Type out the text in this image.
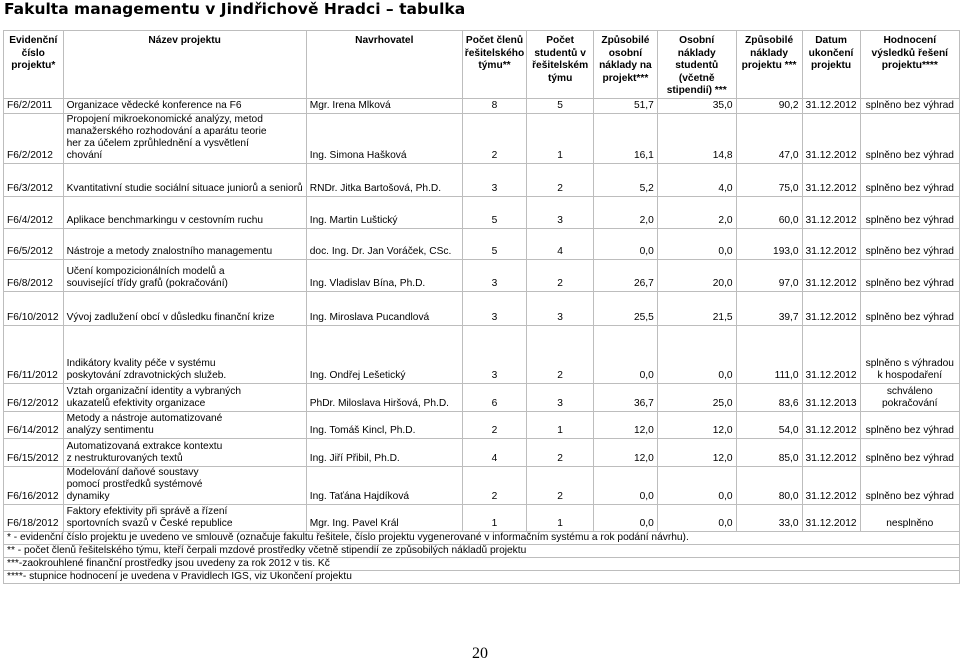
Fakulta managementu v Jindřichově Hradci – tabulka
Evidenční číslo projektu*	Název projektu	Navrhovatel	Počet členů řešitelského týmu**	Počet studentů v řešitelském týmu	Způsobilé osobní náklady na projekt***	Osobní náklady studentů (včetně stipendií) ***	Způsobilé náklady projektu ***	Datum ukončení projektu	Hodnocení výsledků řešení projektu****

F6/2/2011	Organizace vědecké konference na F6	Mgr. Irena Mlková	8	5	51,7	35,0	90,2	31.12.2012	splněno bez výhrad

F6/2/2012	Propojení mikroekonomické analýzy, metod manažerského rozhodování a aparátu teorie her za účelem zprůhlednění a vysvětlení chování	Ing. Simona Hašková	2	1	16,1	14,8	47,0	31.12.2012	splněno bez výhrad

F6/3/2012	Kvantitativní studie sociální situace juniorů a seniorů	RNDr. Jitka Bartošová, Ph.D.	3	2	5,2	4,0	75,0	31.12.2012	splněno bez výhrad

F6/4/2012	Aplikace benchmarkingu v cestovním ruchu	Ing. Martin Luštický	5	3	2,0	2,0	60,0	31.12.2012	splněno bez výhrad

F6/5/2012	Nástroje a metody znalostního managementu	doc. Ing. Dr. Jan Voráček, CSc.	5	4	0,0	0,0	193,0	31.12.2012	splněno bez výhrad

F6/8/2012	Učení kompozicionálních modelů a související třídy grafů (pokračování)	Ing. Vladislav Bína, Ph.D.	3	2	26,7	20,0	97,0	31.12.2012	splněno bez výhrad

F6/10/2012	Vývoj zadlužení obcí v důsledku finanční krize	Ing. Miroslava Pucandlová	3	3	25,5	21,5	39,7	31.12.2012	splněno bez výhrad

F6/11/2012	Indikátory kvality péče v systému poskytování zdravotnických služeb.	Ing. Ondřej Lešetický	3	2	0,0	0,0	111,0	31.12.2012	splněno s výhradou k hospodaření

F6/12/2012	Vztah organizační identity a vybraných ukazatelů efektivity organizace	PhDr. Miloslava Hiršová, Ph.D.	6	3	36,7	25,0	83,6	31.12.2013	schváleno pokračování

F6/14/2012	Metody a nástroje automatizované analýzy sentimentu	Ing. Tomáš Kincl, Ph.D.	2	1	12,0	12,0	54,0	31.12.2012	splněno bez výhrad

F6/15/2012	Automatizovaná extrakce kontextu z nestrukturovaných textů	Ing. Jiří Přibil, Ph.D.	4	2	12,0	12,0	85,0	31.12.2012	splněno bez výhrad

F6/16/2012	Modelování daňové soustavy pomocí prostředků systémové dynamiky	Ing. Taťána Hajdíková	2	2	0,0	0,0	80,0	31.12.2012	splněno bez výhrad

F6/18/2012	Faktory efektivity při správě a řízení sportovních svazů v České republice	Mgr. Ing. Pavel Král	1	1	0,0	0,0	33,0	31.12.2012	nesplněno
* - evidenční číslo projektu je uvedeno ve smlouvě (označuje fakultu řešitele, číslo projektu vygenerované v informačním systému a rok podání návrhu).									
** - počet členů řešitelského týmu, kteří čerpali mzdové prostředky včetně stipendií ze způsobilých nákladů projektu									
***-zaokrouhlené finanční prostředky jsou uvedeny za rok 2012 v tis. Kč									
****- stupnice hodnocení je uvedena v Pravidlech IGS, viz Ukončení projektu									
20
